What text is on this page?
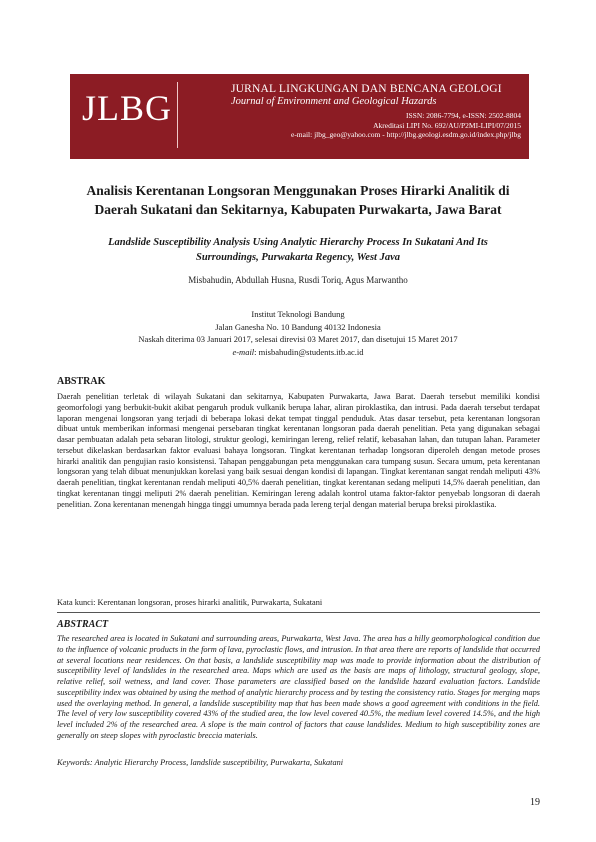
JLBG	JURNAL LINGKUNGAN DAN BENCANA GEOLOGI
Journal of Environment and Geological Hazards
ISSN: 2086-7794, e-ISSN: 2502-8804
Akreditasi LIPI No. 692/AU/P2MI-LIPI/07/2015
e-mail: jlbg_geo@yahoo.com - http://jlbg.geologi.esdm.go.id/index.php/jlbg
Analisis Kerentanan Longsoran Menggunakan Proses Hirarki Analitik di
Daerah Sukatani dan Sekitarnya, Kabupaten Purwakarta, Jawa Barat
Landslide Susceptibility Analysis Using Analytic Hierarchy Process In Sukatani And Its
Surroundings, Purwakarta Regency, West Java
Misbahudin, Abdullah Husna, Rusdi Toriq, Agus Marwantho
Institut Teknologi Bandung
Jalan Ganesha No. 10 Bandung 40132 Indonesia
Naskah diterima 03 Januari 2017, selesai direvisi 03 Maret 2017, dan disetujui 15 Maret 2017
e-mail: misbahudin@students.itb.ac.id
ABSTRAK
Daerah penelitian terletak di wilayah Sukatani dan sekitarnya, Kabupaten Purwakarta, Jawa Barat. Daerah tersebut memiliki kondisi geomorfologi yang berbukit-bukit akibat pengaruh produk vulkanik berupa lahar, aliran piroklastika, dan intrusi. Pada daerah tersebut terdapat laporan mengenai longsoran yang terjadi di beberapa lokasi dekat tempat tinggal penduduk. Atas dasar tersebut, peta kerentanan longsoran dibuat untuk memberikan informasi mengenai persebaran tingkat kerentanan longsoran pada daerah penelitian. Peta yang digunakan sebagai dasar pembuatan adalah peta sebaran litologi, struktur geologi, kemiringan lereng, relief relatif, kebasahan lahan, dan tutupan lahan. Parameter tersebut dikelaskan berdasarkan faktor evaluasi bahaya longsoran. Tingkat kerentanan terhadap longsoran diperoleh dengan metode proses hirarki analitik dan pengujian rasio konsistensi. Tahapan penggabungan peta menggunakan cara tumpang susun. Secara umum, peta kerentanan longsoran yang telah dibuat menunjukkan korelasi yang baik sesuai dengan kondisi di lapangan. Tingkat kerentanan sangat rendah meliputi 43% daerah penelitian, tingkat kerentanan rendah meliputi 40,5% daerah penelitian, tingkat kerentanan sedang meliputi 14,5% daerah penelitian, dan tingkat kerentanan tinggi meliputi 2% daerah penelitian. Kemiringan lereng adalah kontrol utama faktor-faktor penyebab longsoran di daerah penelitian. Zona kerentanan menengah hingga tinggi umumnya berada pada lereng terjal dengan material berupa breksi piroklastika.
Kata kunci: Kerentanan longsoran, proses hirarki analitik, Purwakarta, Sukatani
ABSTRACT
The researched area is located in Sukatani and surrounding areas, Purwakarta, West Java. The area has a hilly geomorphological condition due to the influence of volcanic products in the form of lava, pyroclastic flows, and intrusion. In that area there are reports of landslide that occurred at several locations near residences. On that basis, a landslide susceptibility map was made to provide information about the distribution of susceptibility level of landslides in the researched area. Maps which are used as the basis are maps of lithology, structural geology, slope, relative relief, soil wetness, and land cover. Those parameters are classified based on the landslide hazard evaluation factors. Landslide susceptibility index was obtained by using the method of analytic hierarchy process and by testing the consistency ratio. Stages for merging maps used the overlaying method. In general, a landslide susceptibility map that has been made shows a good agreement with conditions in the field. The level of very low susceptibility covered 43% of the studied area, the low level covered 40.5%, the medium level covered 14.5%, and the high level included 2% of the researched area. A slope is the main control of factors that cause landslides. Medium to high susceptibility zones are generally on steep slopes with pyroclastic breccia materials.
Keywords: Analytic Hierarchy Process, landslide susceptibility, Purwakarta, Sukatani
19
